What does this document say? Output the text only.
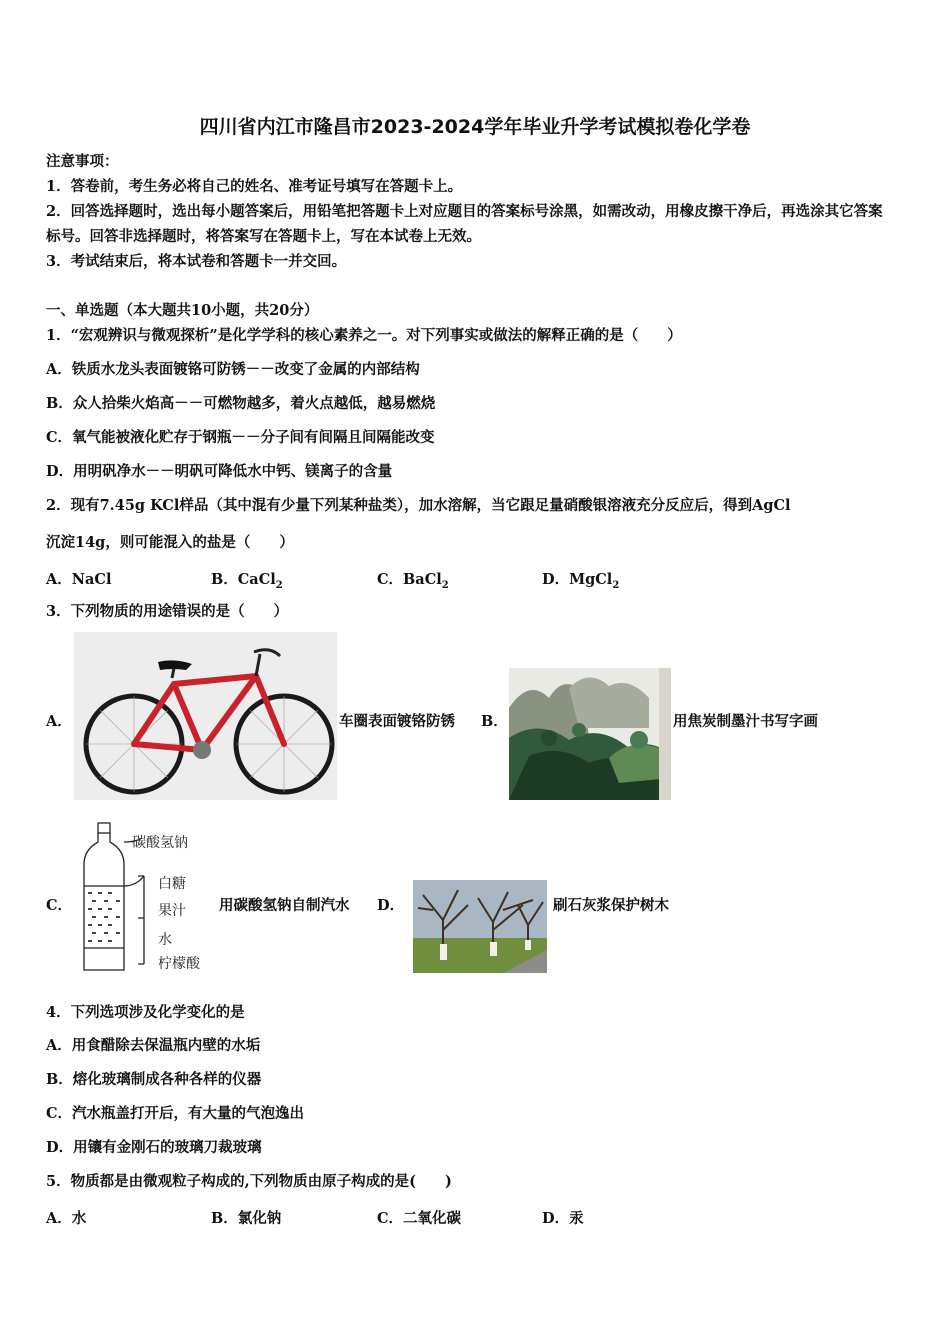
四川省内江市隆昌市2023-2024学年毕业升学考试模拟卷化学卷
注意事项：
1．答卷前，考生务必将自己的姓名、准考证号填写在答题卡上。
2．回答选择题时，选出每小题答案后，用铅笔把答题卡上对应题目的答案标号涂黑，如需改动，用橡皮擦干净后，再选涂其它答案标号。回答非选择题时，将答案写在答题卡上，写在本试卷上无效。
3．考试结束后，将本试卷和答题卡一并交回。
一、单选题（本大题共10小题，共20分）
1．“宏观辨识与微观探析”是化学学科的核心素养之一。对下列事实或做法的解释正确的是（　　）
A．铁质水龙头表面镀铬可防锈－－改变了金属的内部结构
B．众人拾柴火焰高－－可燃物越多，着火点越低，越易燃烧
C．氧气能被液化贮存于钢瓶－－分子间有间隔且间隔能改变
D．用明矾净水－－明矾可降低水中钙、镁离子的含量
2．现有7.45g KCl样品（其中混有少量下列某种盐类），加水溶解，当它跟足量硝酸银溶液充分反应后，得到AgCl
沉淀14g，则可能混入的盐是（　　）
A．NaCl	B．CaCl$_2$	C．BaCl$_2$	D．MgCl$_2$
3．下列物质的用途错误的是（　　）
A．	车圈表面镀铬防锈 B．	用焦炭制墨汁书写字画
C．
碳酸氢钠
白糖
果汁
水
柠檬酸
用碳酸氢钠自制汽水 D．	刷石灰浆保护树木
4．下列选项涉及化学变化的是
A．用食醋除去保温瓶内壁的水垢
B．熔化玻璃制成各种各样的仪器
C．汽水瓶盖打开后，有大量的气泡逸出
D．用镶有金刚石的玻璃刀裁玻璃
5．物质都是由微观粒子构成的,下列物质由原子构成的是(　　)
A．水	B．氯化钠	C．二氧化碳	D．汞
